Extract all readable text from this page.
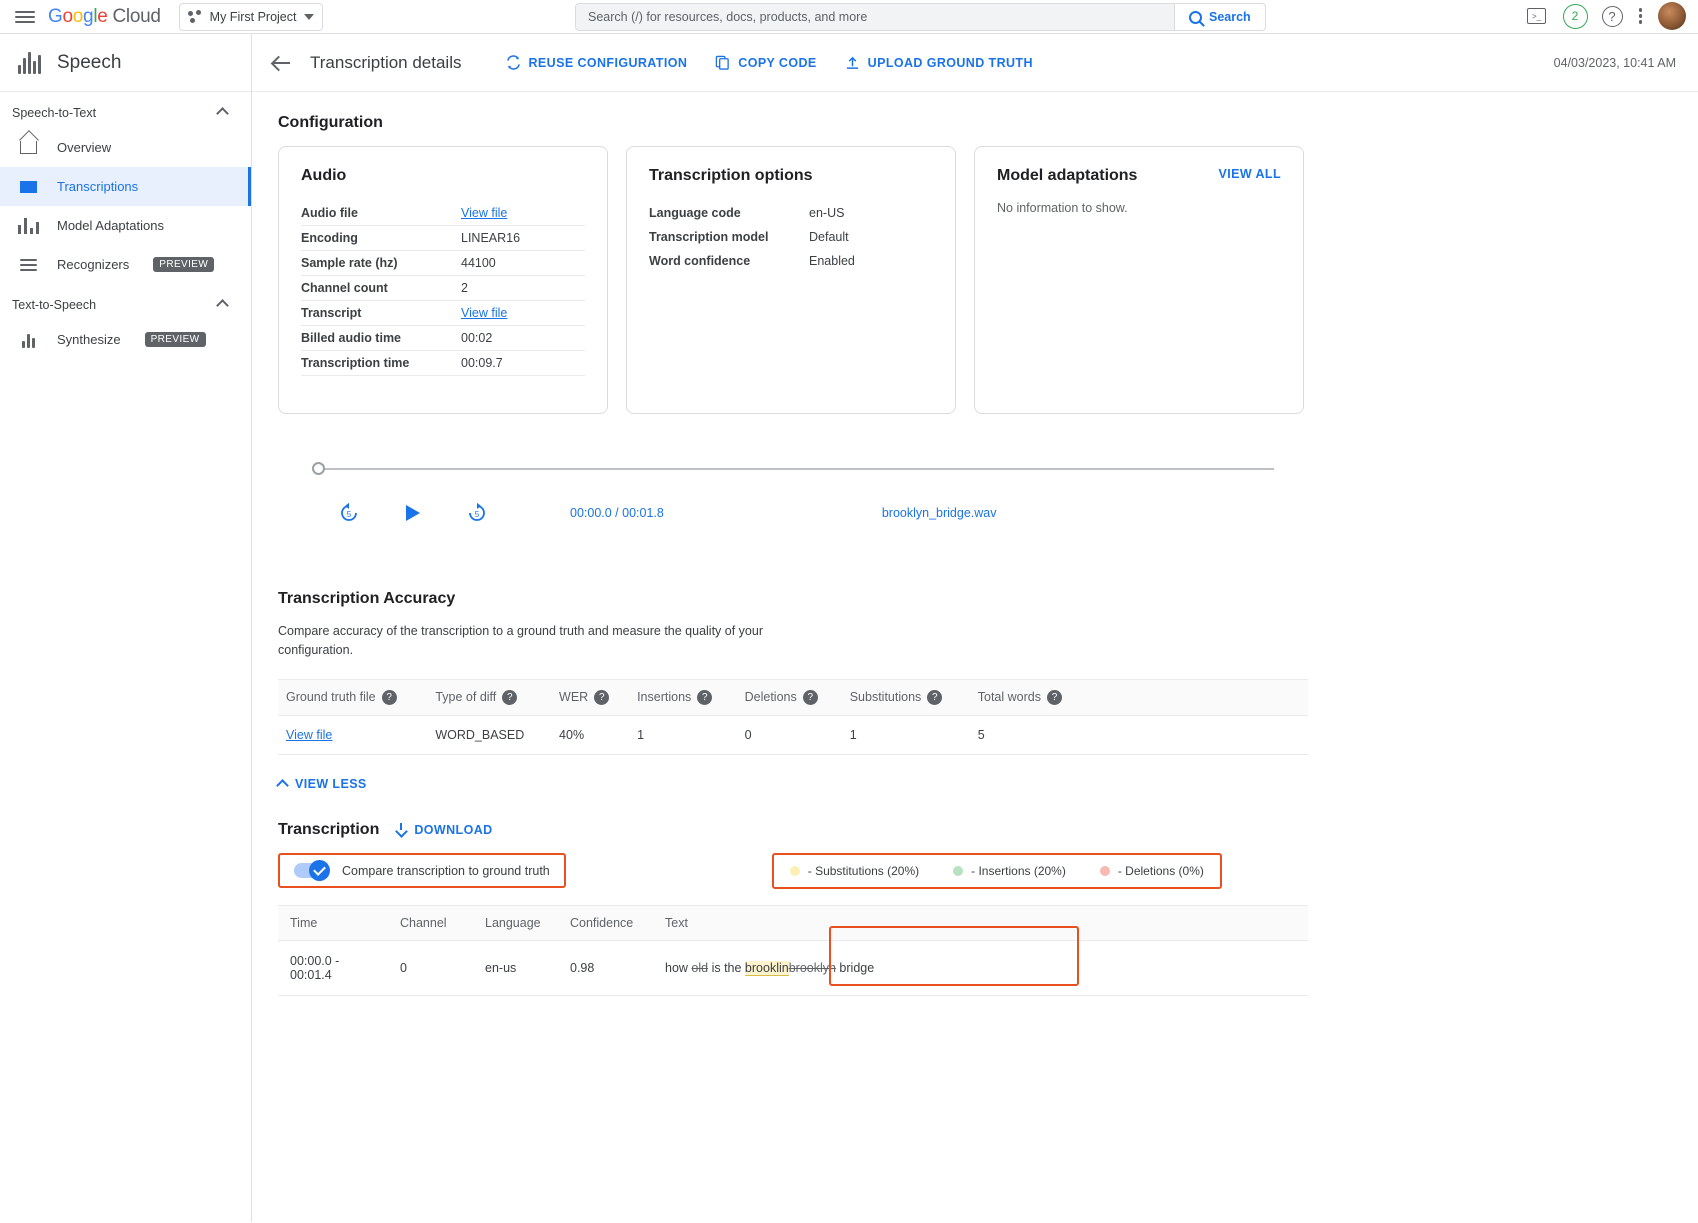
Google Cloud	My First Project	Search (/) for resources, docs, products, and more	Search	>_	2 ?
Speech
Speech-to-Text
Overview
Transcriptions
Model Adaptations
Recognizers	PREVIEW
Text-to-Speech
Synthesize	PREVIEW
Transcription details	REUSE CONFIGURATION	COPY CODE	UPLOAD GROUND TRUTH	04/03/2023, 10:41 AM
Configuration
Audio
Audio file	View file
Encoding	LINEAR16
Sample rate (hz)	44100
Channel count	2
Transcript	View file
Billed audio time	00:02
Transcription time	00:09.7
Transcription options
Language code	en-US
Transcription model	Default
Word confidence	Enabled
Model adaptations	VIEW ALL
No information to show.
5	5	00:00.0 / 00:01.8	brooklyn_bridge.wav
Transcription Accuracy
Compare accuracy of the transcription to a ground truth and measure the quality of your configuration.
Ground truth file ?	Type of diff ?	WER ?	Insertions ?	Deletions ?	Substitutions ?	Total words ?	
View file	WORD_BASED	40%	1	0	1	5	
VIEW LESS
Transcription	DOWNLOAD
Compare transcription to ground truth	- Substitutions (20%)	- Insertions (20%)	- Deletions (0%)
Time	Channel	Language	Confidence	Text
00:00.0 - 00:01.4	0	en-us	0.98	how old is the brooklinbrooklyn bridge
